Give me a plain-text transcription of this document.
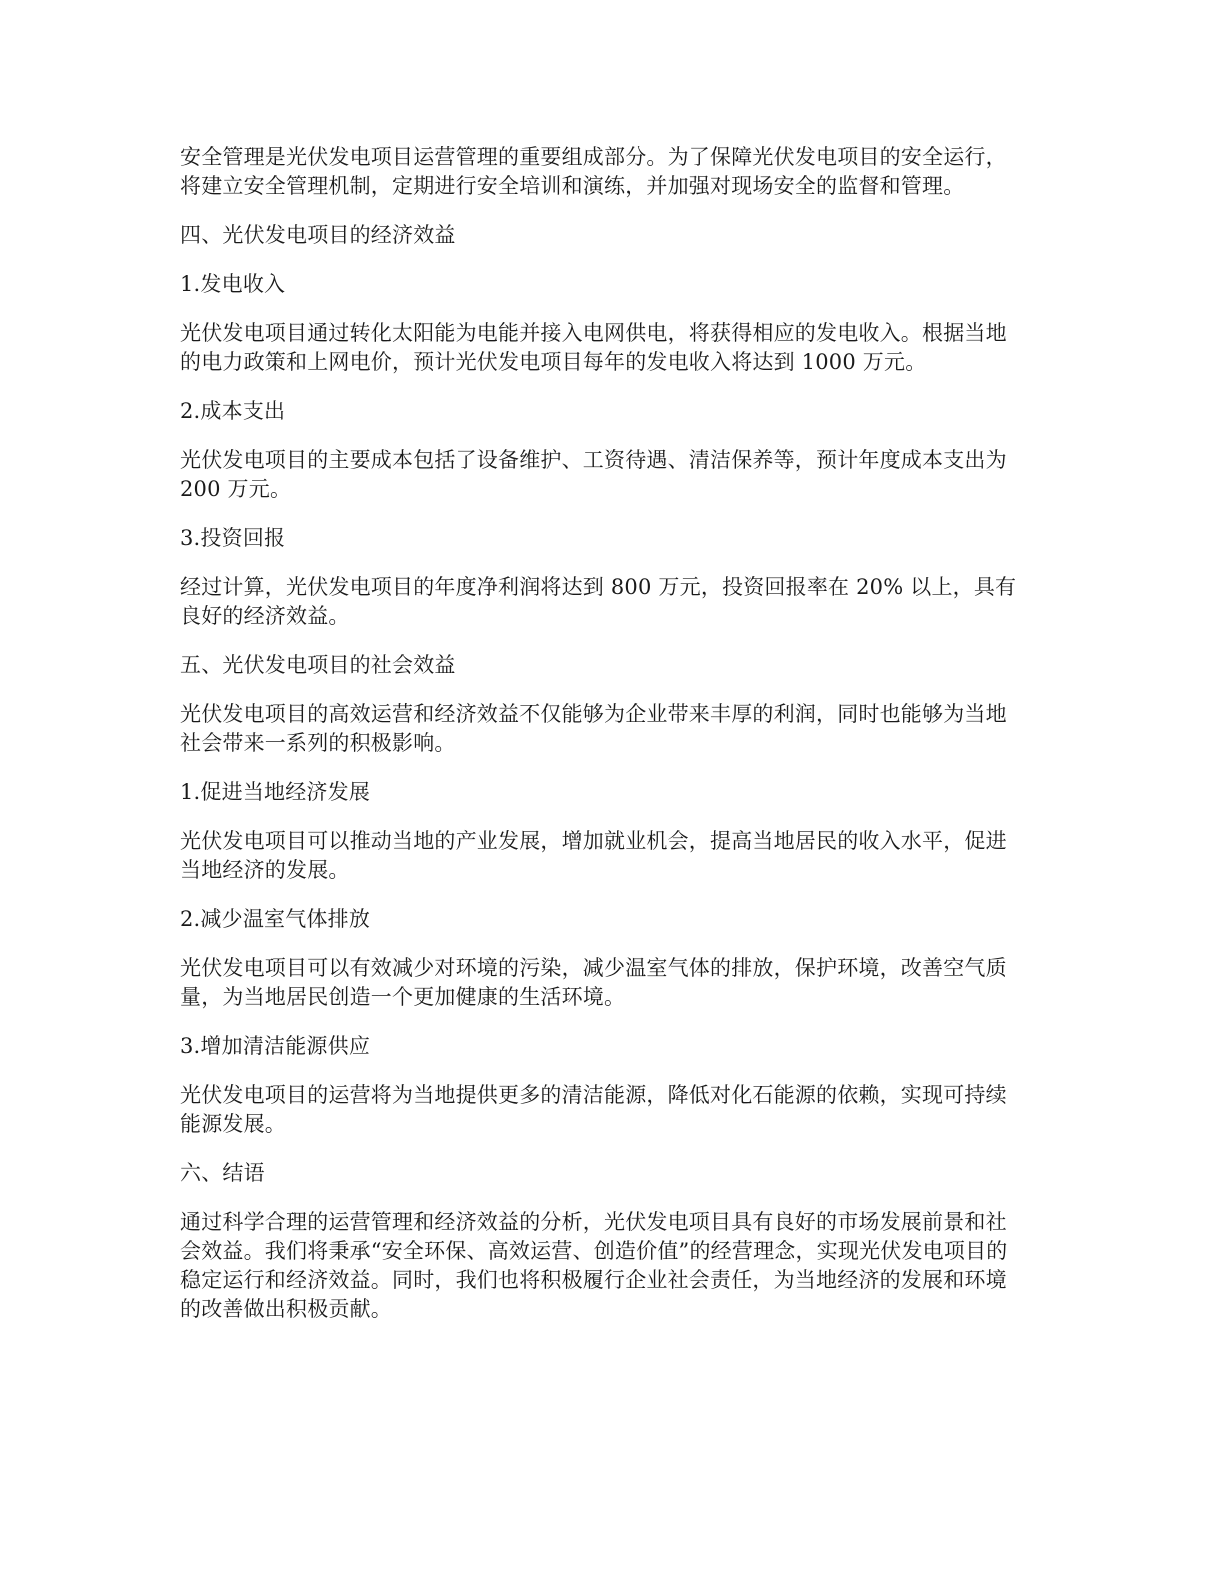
安全管理是光伏发电项目运营管理的重要组成部分。为了保障光伏发电项目的安全运行，
将建立安全管理机制，定期进行安全培训和演练，并加强对现场安全的监督和管理。

四、光伏发电项目的经济效益

1.发电收入

光伏发电项目通过转化太阳能为电能并接入电网供电，将获得相应的发电收入。根据当地
的电力政策和上网电价，预计光伏发电项目每年的发电收入将达到 1000 万元。

2.成本支出

光伏发电项目的主要成本包括了设备维护、工资待遇、清洁保养等，预计年度成本支出为
200 万元。

3.投资回报

经过计算，光伏发电项目的年度净利润将达到 800 万元，投资回报率在 20% 以上，具有
良好的经济效益。

五、光伏发电项目的社会效益

光伏发电项目的高效运营和经济效益不仅能够为企业带来丰厚的利润，同时也能够为当地
社会带来一系列的积极影响。

1.促进当地经济发展

光伏发电项目可以推动当地的产业发展，增加就业机会，提高当地居民的收入水平，促进
当地经济的发展。

2.减少温室气体排放

光伏发电项目可以有效减少对环境的污染，减少温室气体的排放，保护环境，改善空气质
量，为当地居民创造一个更加健康的生活环境。

3.增加清洁能源供应

光伏发电项目的运营将为当地提供更多的清洁能源，降低对化石能源的依赖，实现可持续
能源发展。

六、结语

通过科学合理的运营管理和经济效益的分析，光伏发电项目具有良好的市场发展前景和社
会效益。我们将秉承“安全环保、高效运营、创造价值”的经营理念，实现光伏发电项目的
稳定运行和经济效益。同时，我们也将积极履行企业社会责任，为当地经济的发展和环境
的改善做出积极贡献。
